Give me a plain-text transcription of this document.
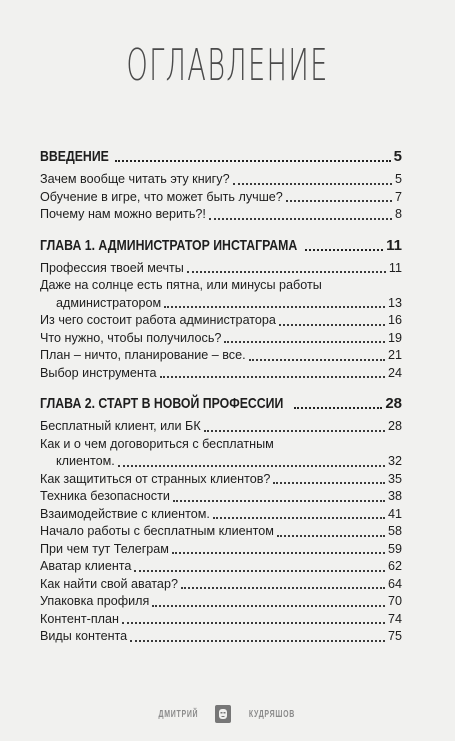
ОГЛАВЛЕНИЕ
ВВЕДЕНИЕ	5
Зачем вообще читать эту книгу?	5
Обучение в игре, что может быть лучше?	7
Почему нам можно верить?!	8
ГЛАВА 1. АДМИНИСТРАТОР ИНСТАГРАМА	11
Профессия твоей мечты	11
Даже на солнце есть пятна, или минусы работы
администратором	13
Из чего состоит работа администратора	16
Что нужно, чтобы получилось?	19
План – ничто, планирование – все.	21
Выбор инструмента	24
ГЛАВА 2. СТАРТ В НОВОЙ ПРОФЕССИИ	28
Бесплатный клиент, или БК	28
Как и о чем договориться с бесплатным
клиентом.	32
Как защититься от странных клиентов?	35
Техника безопасности	38
Взаимодействие с клиентом.	41
Начало работы с бесплатным клиентом	58
При чем тут Телеграм	59
Аватар клиента	62
Как найти свой аватар?	64
Упаковка профиля	70
Контент-план	74
Виды контента	75
ДМИТРИЙ	КУДРЯШОВ
